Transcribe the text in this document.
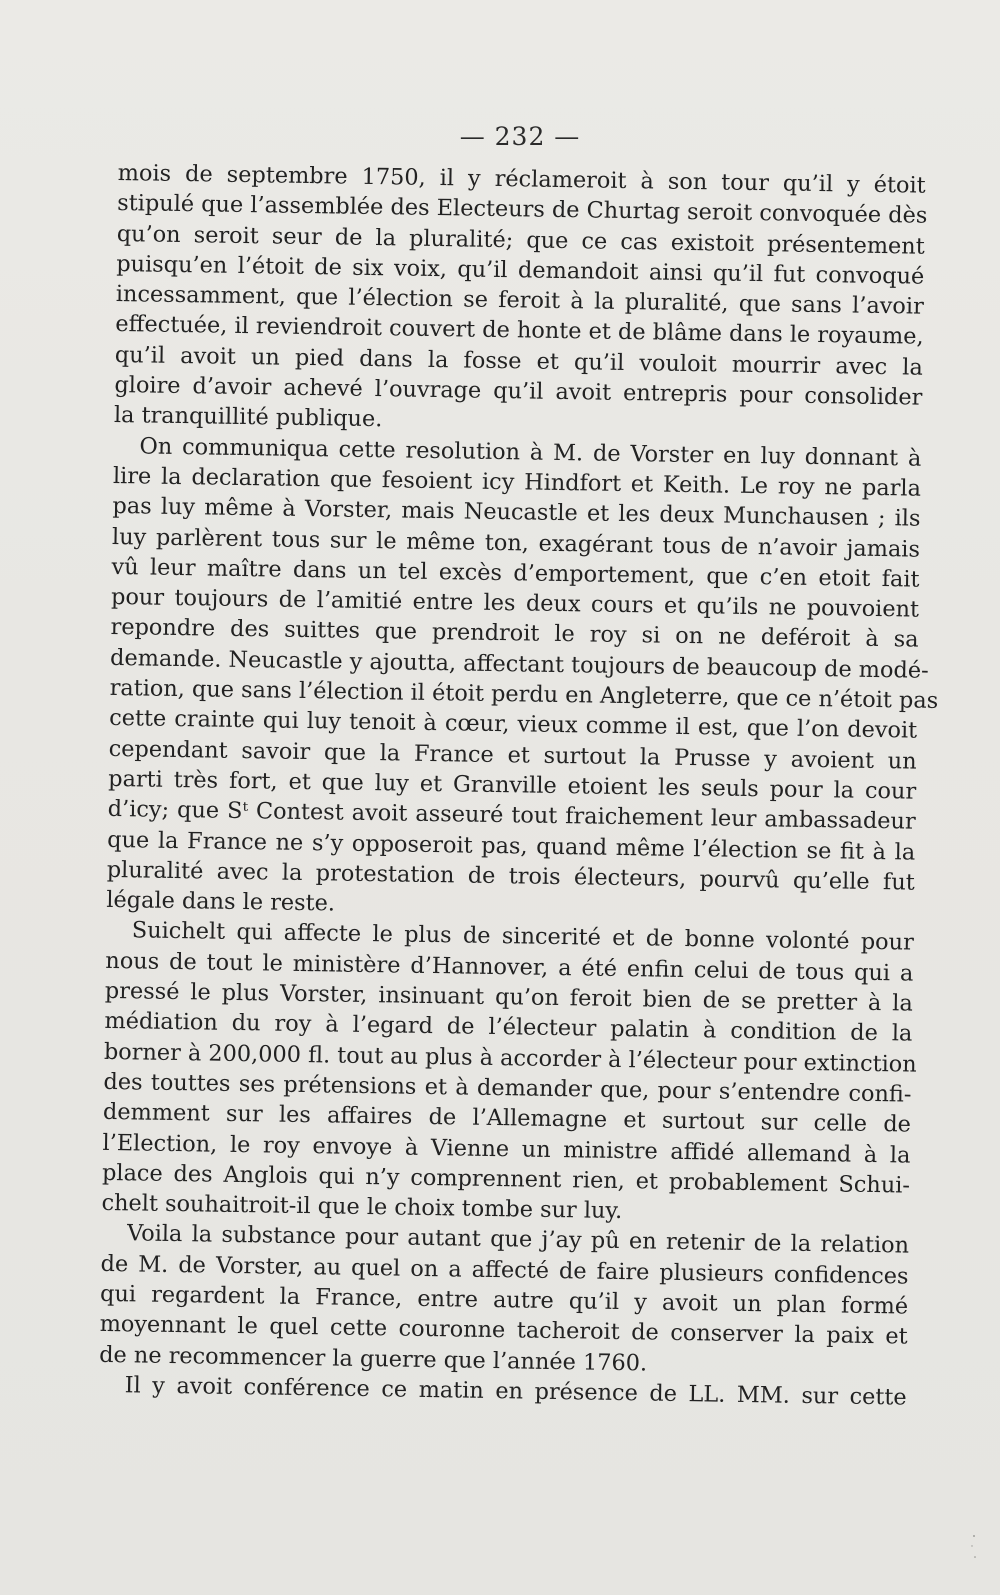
— 232 —

mois de septembre 1750, il y réclameroit à son tour qu’il y étoit
stipulé que l’assemblée des Electeurs de Churtag seroit convoquée dès
qu’on seroit seur de la pluralité; que ce cas existoit présentement
puisqu’en l’étoit de six voix, qu’il demandoit ainsi qu’il fut convoqué
incessamment, que l’élection se feroit à la pluralité, que sans l’avoir
effectuée, il reviendroit couvert de honte et de blâme dans le royaume,
qu’il avoit un pied dans la fosse et qu’il vouloit mourrir avec la
gloire d’avoir achevé l’ouvrage qu’il avoit entrepris pour consolider
la tranquillité publique.

On communiqua cette resolution à M. de Vorster en luy donnant à
lire la declaration que fesoient icy Hindfort et Keith. Le roy ne parla
pas luy même à Vorster, mais Neucastle et les deux Munchausen ; ils
luy parlèrent tous sur le même ton, exagérant tous de n’avoir jamais
vû leur maître dans un tel excès d’emportement, que c’en etoit fait
pour toujours de l’amitié entre les deux cours et qu’ils ne pouvoient
repondre des suittes que prendroit le roy si on ne deféroit à sa
demande. Neucastle y ajoutta, affectant toujours de beaucoup de modé-
ration, que sans l’élection il étoit perdu en Angleterre, que ce n’étoit pas
cette crainte qui luy tenoit à cœur, vieux comme il est, que l’on devoit
cependant savoir que la France et surtout la Prusse y avoient un
parti très fort, et que luy et Granville etoient les seuls pour la cour
d’icy; que Sᵗ Contest avoit asseuré tout fraichement leur ambassadeur
que la France ne s’y opposeroit pas, quand même l’élection se fit à la
pluralité avec la protestation de trois électeurs, pourvû qu’elle fut
légale dans le reste.

Suichelt qui affecte le plus de sincerité et de bonne volonté pour
nous de tout le ministère d’Hannover, a été enfin celui de tous qui a
pressé le plus Vorster, insinuant qu’on feroit bien de se pretter à la
médiation du roy à l’egard de l’électeur palatin à condition de la
borner à 200,000 fl. tout au plus à accorder à l’électeur pour extinction
des touttes ses prétensions et à demander que, pour s’entendre confi-
demment sur les affaires de l’Allemagne et surtout sur celle de
l’Election, le roy envoye à Vienne un ministre affidé allemand à la
place des Anglois qui n’y comprennent rien, et probablement Schui-
chelt souhaitroit-il que le choix tombe sur luy.

Voila la substance pour autant que j’ay pû en retenir de la relation
de M. de Vorster, au quel on a affecté de faire plusieurs confidences
qui regardent la France, entre autre qu’il y avoit un plan formé
moyennant le quel cette couronne tacheroit de conserver la paix et
de ne recommencer la guerre que l’année 1760.

Il y avoit conférence ce matin en présence de LL. MM. sur cette
